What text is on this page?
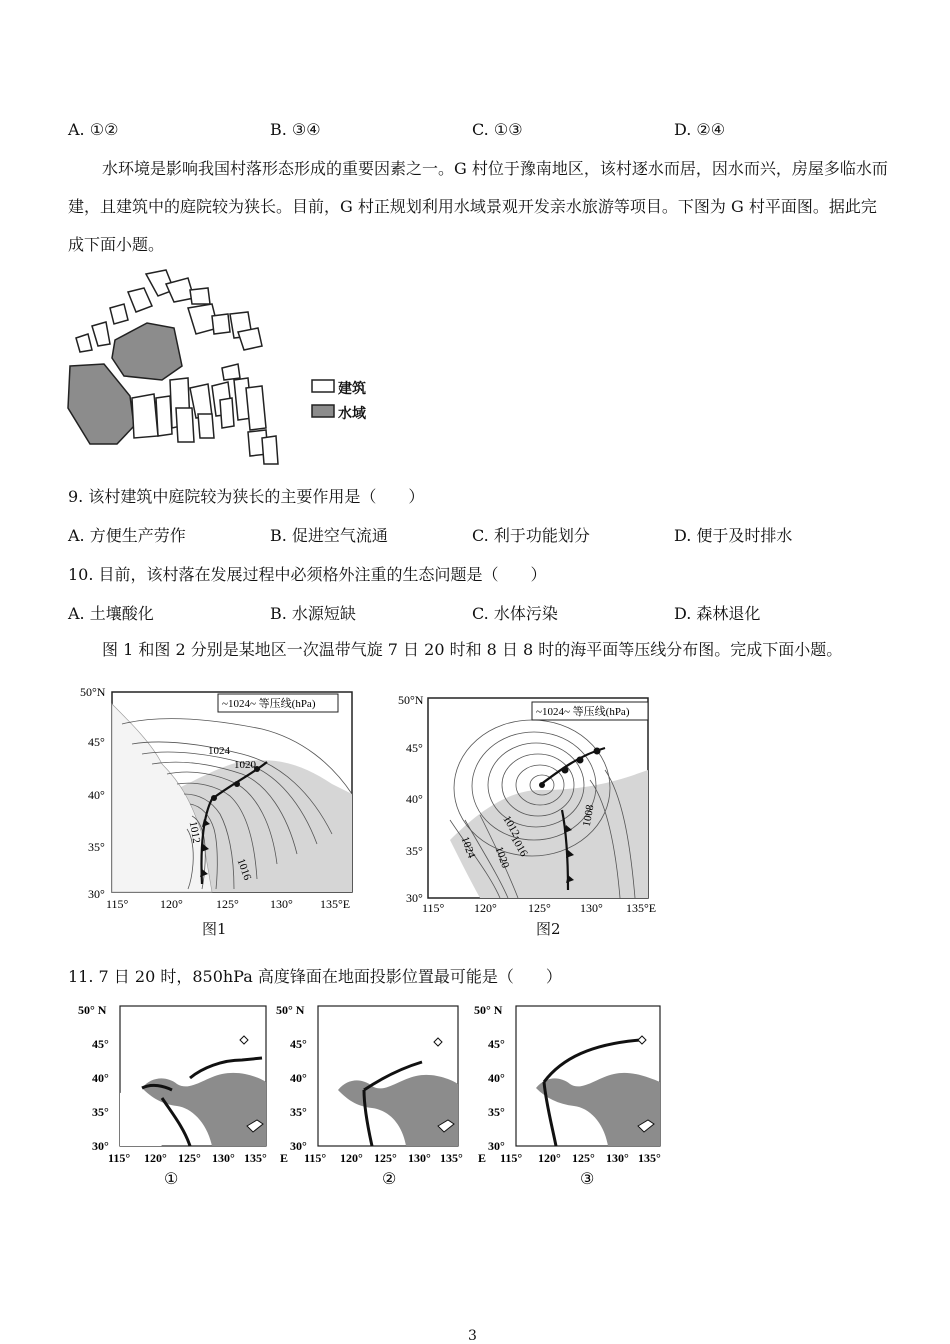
A. ①②	B. ③④	C. ①③	D. ②④
水环境是影响我国村落形态形成的重要因素之一。G 村位于豫南地区，该村逐水而居，因水而兴，房屋多临水而建，且建筑中的庭院较为狭长。目前，G 村正规划利用水域景观开发亲水旅游等项目。下图为 G 村平面图。据此完成下面小题。
建筑
水域
9. 该村建筑中庭院较为狭长的主要作用是（　　）
A. 方便生产劳作	B. 促进空气流通	C. 利于功能划分	D. 便于及时排水
10. 目前，该村落在发展过程中必须格外注重的生态问题是（　　）
A. 土壤酸化	B. 水源短缺	C. 水体污染	D. 森林退化
图 1 和图 2 分别是某地区一次温带气旋 7 日 20 时和 8 日 8 时的海平面等压线分布图。完成下面小题。
~1024~ 等压线(hPa)
1024
1020
1012
1016
50°N
45°
40°
35°
30°
115°	120°	125°	130° 135°E
图1
~1024~ 等压线(hPa)
1024
1012
1016
1020
1008
50°N
45°
40°
35°
30°
115° 120°	125° 130° 135°E
图2
11. 7 日 20 时，850hPa 高度锋面在地面投影位置最可能是（　　）
50° N
45°
40°
35°
30°
115° 120° 125° 130° 135° E
50° N
45°
40°
35°
30°
115° 120° 125° 130° 135° E
50° N
45°
40°
35°
30°
115° 120° 125° 130° 135°
①	②	③
3
